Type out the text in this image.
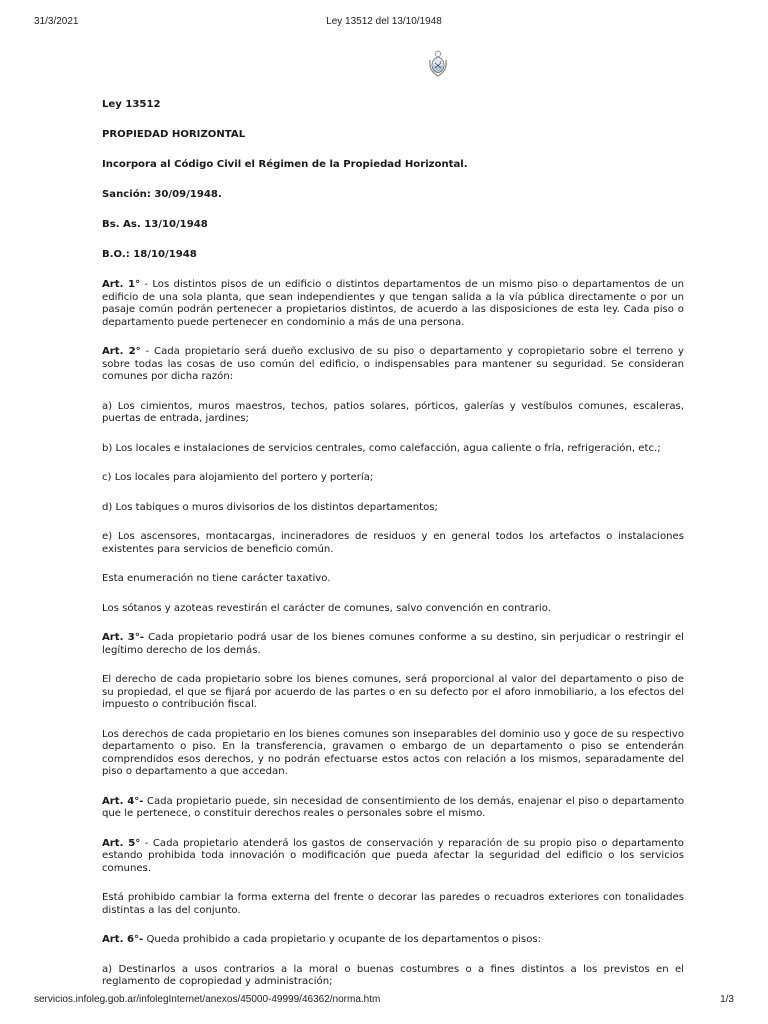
31/3/2021	Ley 13512 del 13/10/1948
Ley 13512
PROPIEDAD HORIZONTAL
Incorpora al Código Civil el Régimen de la Propiedad Horizontal.
Sanción: 30/09/1948.
Bs. As. 13/10/1948
B.O.: 18/10/1948

Art. 1° - Los distintos pisos de un edificio o distintos departamentos de un mismo piso o departamentos de un edificio de una sola planta, que sean independientes y que tengan salida a la vía pública directamente o por un pasaje común podrán pertenecer a propietarios distintos, de acuerdo a las disposiciones de esta ley. Cada piso o departamento puede pertenecer en condominio a más de una persona.

Art. 2° - Cada propietario será dueño exclusivo de su piso o departamento y copropietario sobre el terreno y sobre todas las cosas de uso común del edificio, o indispensables para mantener su seguridad. Se consideran comunes por dicha razón:

a) Los cimientos, muros maestros, techos, patios solares, pórticos, galerías y vestíbulos comunes, escaleras, puertas de entrada, jardines;

b) Los locales e instalaciones de servicios centrales, como calefacción, agua caliente o fría, refrigeración, etc.;

c) Los locales para alojamiento del portero y portería;

d) Los tabiques o muros divisorios de los distintos departamentos;

e) Los ascensores, montacargas, incineradores de residuos y en general todos los artefactos o instalaciones existentes para servicios de beneficio común.

Esta enumeración no tiene carácter taxativo.

Los sótanos y azoteas revestirán el carácter de comunes, salvo convención en contrario.

Art. 3°- Cada propietario podrá usar de los bienes comunes conforme a su destino, sin perjudicar o restringir el legítimo derecho de los demás.

El derecho de cada propietario sobre los bienes comunes, será proporcional al valor del departamento o piso de su propiedad, el que se fijará por acuerdo de las partes o en su defecto por el aforo inmobiliario, a los efectos del impuesto o contribución fiscal.

Los derechos de cada propietario en los bienes comunes son inseparables del dominio uso y goce de su respectivo departamento o piso. En la transferencia, gravamen o embargo de un departamento o piso se entenderán comprendidos esos derechos, y no podrán efectuarse estos actos con relación a los mismos, separadamente del piso o departamento a que accedan.

Art. 4°- Cada propietario puede, sin necesidad de consentimiento de los demás, enajenar el piso o departamento que le pertenece, o constituir derechos reales o personales sobre el mismo.

Art. 5° - Cada propietario atenderá los gastos de conservación y reparación de su propio piso o departamento estando prohibida toda innovación o modificación que pueda afectar la seguridad del edificio o los servicios comunes.

Está prohibido cambiar la forma externa del frente o decorar las paredes o recuadros exteriores con tonalidades distintas a las del conjunto.

Art. 6°- Queda prohibido a cada propietario y ocupante de los departamentos o pisos:

a) Destinarlos a usos contrarios a la moral o buenas costumbres o a fines distintos a los previstos en el reglamento de copropiedad y administración;

servicios.infoleg.gob.ar/infolegInternet/anexos/45000-49999/46362/norma.htm	1/3
